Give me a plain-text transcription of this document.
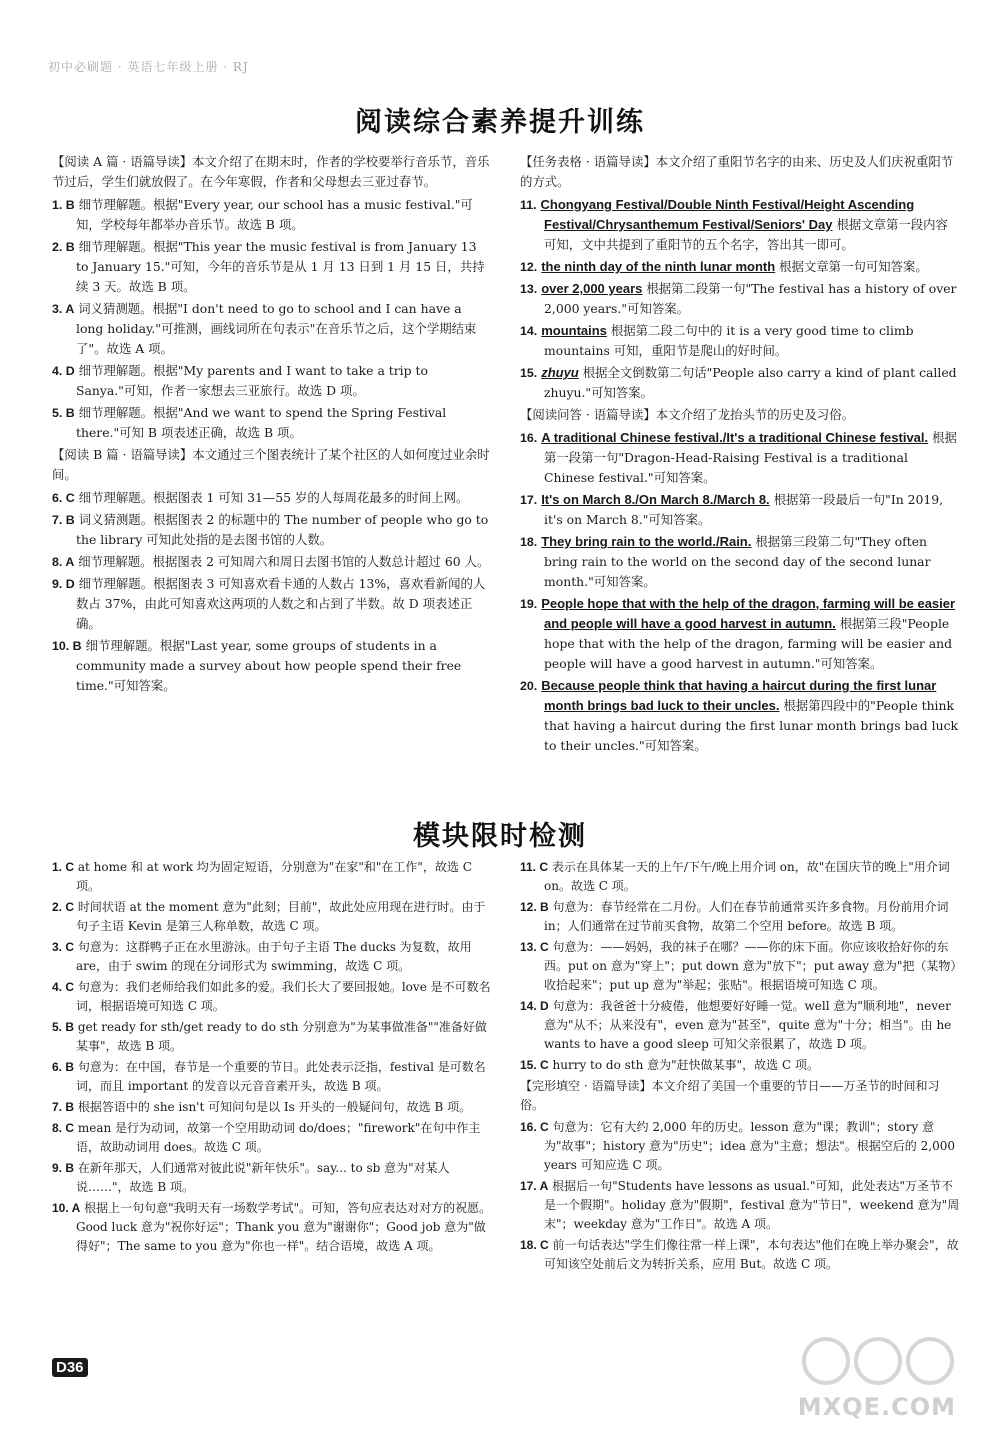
初中必刷题 · 英语七年级上册 · RJ
阅读综合素养提升训练
【阅读 A 篇 · 语篇导读】本文介绍了在期末时，作者的学校要举行音乐节，音乐节过后，学生们就放假了。在今年寒假，作者和父母想去三亚过春节。
1. B 细节理解题。根据"Every year, our school has a music festival."可知，学校每年都举办音乐节。故选 B 项。
2. B 细节理解题。根据"This year the music festival is from January 13 to January 15."可知，今年的音乐节是从 1 月 13 日到 1 月 15 日，共持续 3 天。故选 B 项。
3. A 词义猜测题。根据"I don't need to go to school and I can have a long holiday."可推测，画线词所在句表示"在音乐节之后，这个学期结束了"。故选 A 项。
4. D 细节理解题。根据"My parents and I want to take a trip to Sanya."可知，作者一家想去三亚旅行。故选 D 项。
5. B 细节理解题。根据"And we want to spend the Spring Festival there."可知 B 项表述正确，故选 B 项。
【阅读 B 篇 · 语篇导读】本文通过三个图表统计了某个社区的人如何度过业余时间。
6. C 细节理解题。根据图表 1 可知 31—55 岁的人每周花最多的时间上网。
7. B 词义猜测题。根据图表 2 的标题中的 The number of people who go to the library 可知此处指的是去图书馆的人数。
8. A 细节理解题。根据图表 2 可知周六和周日去图书馆的人数总计超过 60 人。
9. D 细节理解题。根据图表 3 可知喜欢看卡通的人数占 13%，喜欢看新闻的人数占 37%，由此可知喜欢这两项的人数之和占到了半数。故 D 项表述正确。
10. B 细节理解题。根据"Last year, some groups of students in a community made a survey about how people spend their free time."可知答案。
【任务表格 · 语篇导读】本文介绍了重阳节名字的由来、历史及人们庆祝重阳节的方式。
11. Chongyang Festival/Double Ninth Festival/Height Ascending Festival/Chrysanthemum Festival/Seniors' Day 根据文章第一段内容可知，文中共提到了重阳节的五个名字，答出其一即可。
12. the ninth day of the ninth lunar month 根据文章第一句可知答案。
13. over 2,000 years 根据第二段第一句"The festival has a history of over 2,000 years."可知答案。
14. mountains 根据第二段二句中的 it is a very good time to climb mountains 可知，重阳节是爬山的好时间。
15. zhuyu 根据全文倒数第二句话"People also carry a kind of plant called zhuyu."可知答案。
【阅读问答 · 语篇导读】本文介绍了龙抬头节的历史及习俗。
16. A traditional Chinese festival./It's a traditional Chinese festival. 根据第一段第一句"Dragon-Head-Raising Festival is a traditional Chinese festival."可知答案。
17. It's on March 8./On March 8./March 8. 根据第一段最后一句"In 2019, it's on March 8."可知答案。
18. They bring rain to the world./Rain. 根据第三段第二句"They often bring rain to the world on the second day of the second lunar month."可知答案。
19. People hope that with the help of the dragon, farming will be easier and people will have a good harvest in autumn. 根据第三段"People hope that with the help of the dragon, farming will be easier and people will have a good harvest in autumn."可知答案。
20. Because people think that having a haircut during the first lunar month brings bad luck to their uncles. 根据第四段中的"People think that having a haircut during the first lunar month brings bad luck to their uncles."可知答案。
模块限时检测
1. C at home 和 at work 均为固定短语，分别意为"在家"和"在工作"，故选 C 项。
2. C 时间状语 at the moment 意为"此刻；目前"，故此处应用现在进行时。由于句子主语 Kevin 是第三人称单数，故选 C 项。
3. C 句意为：这群鸭子正在水里游泳。由于句子主语 The ducks 为复数，故用 are，由于 swim 的现在分词形式为 swimming，故选 C 项。
4. C 句意为：我们老师给我们如此多的爱。我们长大了要回报她。love 是不可数名词，根据语境可知选 C 项。
5. B get ready for sth/get ready to do sth 分别意为"为某事做准备""准备好做某事"，故选 B 项。
6. B 句意为：在中国，春节是一个重要的节日。此处表示泛指，festival 是可数名词，而且 important 的发音以元音音素开头，故选 B 项。
7. B 根据答语中的 she isn't 可知问句是以 Is 开头的一般疑问句，故选 B 项。
8. C mean 是行为动词，故第一个空用助动词 do/does；"firework"在句中作主语，故助动词用 does。故选 C 项。
9. B 在新年那天，人们通常对彼此说"新年快乐"。say... to sb 意为"对某人说……"，故选 B 项。
10. A 根据上一句句意"我明天有一场数学考试"。可知，答句应表达对对方的祝愿。Good luck 意为"祝你好运"；Thank you 意为"谢谢你"；Good job 意为"做得好"；The same to you 意为"你也一样"。结合语境，故选 A 项。
11. C 表示在具体某一天的上午/下午/晚上用介词 on，故"在国庆节的晚上"用介词 on。故选 C 项。
12. B 句意为：春节经常在二月份。人们在春节前通常买许多食物。月份前用介词 in；人们通常在过节前买食物，故第二个空用 before。故选 B 项。
13. C 句意为：——妈妈，我的袜子在哪？——你的床下面。你应该收拾好你的东西。put on 意为"穿上"；put down 意为"放下"；put away 意为"把（某物）收拾起来"；put up 意为"举起；张贴"。根据语境可知选 C 项。
14. D 句意为：我爸爸十分疲倦，他想要好好睡一觉。well 意为"顺利地"，never 意为"从不；从来没有"，even 意为"甚至"，quite 意为"十分；相当"。由 he wants to have a good sleep 可知父亲很累了，故选 D 项。
15. C hurry to do sth 意为"赶快做某事"，故选 C 项。
【完形填空 · 语篇导读】本文介绍了美国一个重要的节日——万圣节的时间和习俗。
16. C 句意为：它有大约 2,000 年的历史。lesson 意为"课；教训"；story 意为"故事"；history 意为"历史"；idea 意为"主意；想法"。根据空后的 2,000 years 可知应选 C 项。
17. A 根据后一句"Students have lessons as usual."可知，此处表达"万圣节不是一个假期"。holiday 意为"假期"，festival 意为"节日"，weekend 意为"周末"；weekday 意为"工作日"。故选 A 项。
18. C 前一句话表达"学生们像往常一样上课"，本句表达"他们在晚上举办聚会"，故可知该空处前后文为转折关系，应用 But。故选 C 项。
D36
MXQE.COM
